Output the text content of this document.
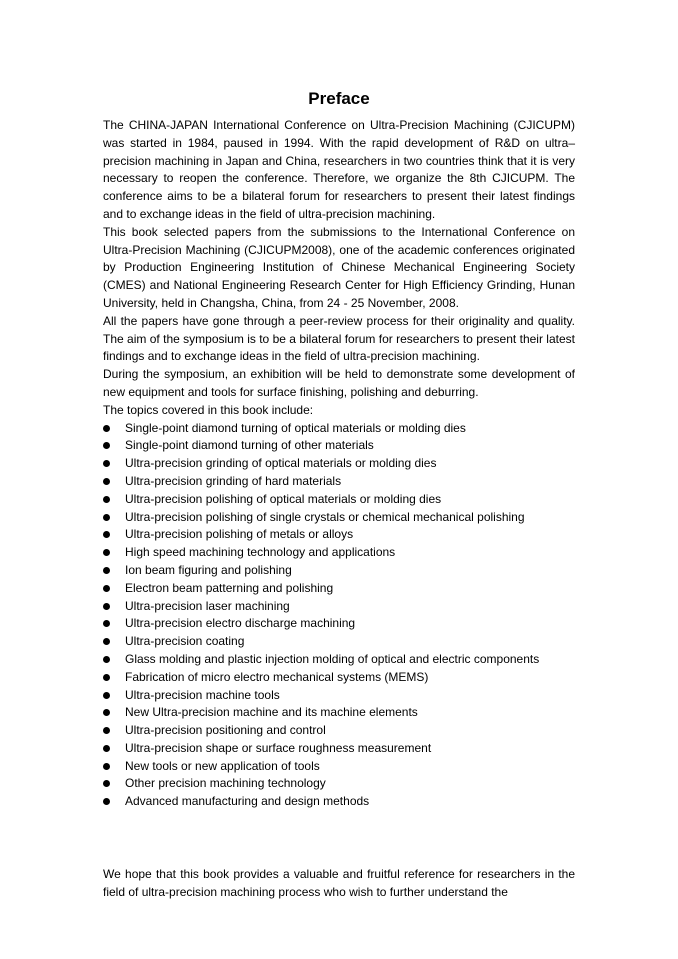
Preface

The CHINA-JAPAN International Conference on Ultra-Precision Machining (CJICUPM) was started in 1984, paused in 1994. With the rapid development of R&D on ultra–precision machining in Japan and China, researchers in two countries think that it is very necessary to reopen the conference. Therefore, we organize the 8th CJICUPM. The conference aims to be a bilateral forum for researchers to present their latest findings and to exchange ideas in the field of ultra-precision machining.

This book selected papers from the submissions to the International Conference on Ultra-Precision Machining (CJICUPM2008), one of the academic conferences originated by Production Engineering Institution of Chinese Mechanical Engineering Society (CMES) and National Engineering Research Center for High Efficiency Grinding, Hunan University, held in Changsha, China, from 24 - 25 November, 2008.

All the papers have gone through a peer-review process for their originality and quality. The aim of the symposium is to be a bilateral forum for researchers to present their latest findings and to exchange ideas in the field of ultra-precision machining.

During the symposium, an exhibition will be held to demonstrate some development of new equipment and tools for surface finishing, polishing and deburring.

The topics covered in this book include:

Single-point diamond turning of optical materials or molding dies
Single-point diamond turning of other materials
Ultra-precision grinding of optical materials or molding dies
Ultra-precision grinding of hard materials
Ultra-precision polishing of optical materials or molding dies
Ultra-precision polishing of single crystals or chemical mechanical polishing
Ultra-precision polishing of metals or alloys
High speed machining technology and applications
Ion beam figuring and polishing
Electron beam patterning and polishing
Ultra-precision laser machining
Ultra-precision electro discharge machining
Ultra-precision coating
Glass molding and plastic injection molding of optical and electric components
Fabrication of micro electro mechanical systems (MEMS)
Ultra-precision machine tools
New Ultra-precision machine and its machine elements
Ultra-precision positioning and control
Ultra-precision shape or surface roughness measurement
New tools or new application of tools
Other precision machining technology
Advanced manufacturing and design methods

We hope that this book provides a valuable and fruitful reference for researchers in the field of ultra-precision machining process who wish to further understand the
